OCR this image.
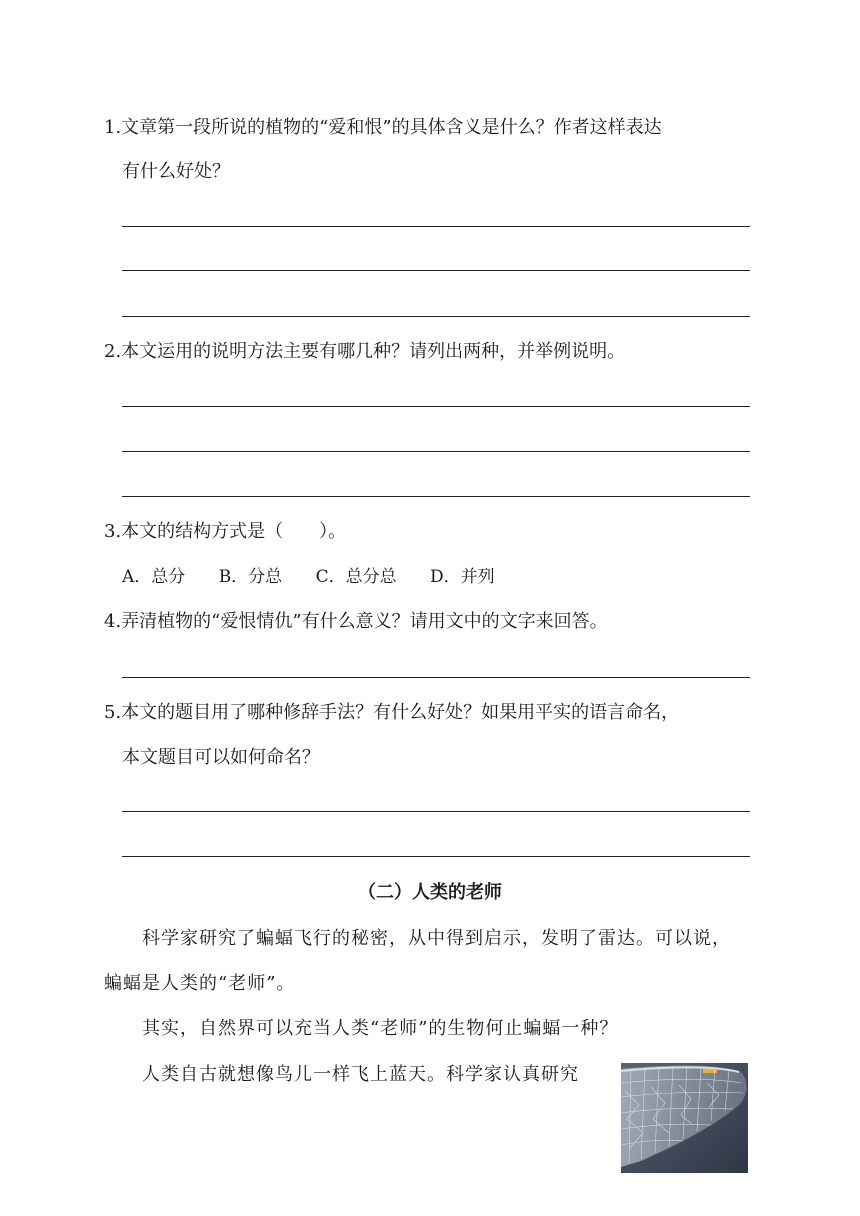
1.文章第一段所说的植物的“爱和恨”的具体含义是什么？作者这样表达
有什么好处？
2.本文运用的说明方法主要有哪几种？请列出两种，并举例说明。
3.本文的结构方式是（　　）。
A．总分 B．分总 C．总分总 D．并列
4.弄清植物的“爱恨情仇”有什么意义？请用文中的文字来回答。
5.本文的题目用了哪种修辞手法？有什么好处？如果用平实的语言命名，
本文题目可以如何命名？
（二）人类的老师
科学家研究了蝙蝠飞行的秘密，从中得到启示，发明了雷达。可以说，
蝙蝠是人类的“老师”。
其实，自然界可以充当人类“老师”的生物何止蝙蝠一种？
人类自古就想像鸟儿一样飞上蓝天。科学家认真研究
